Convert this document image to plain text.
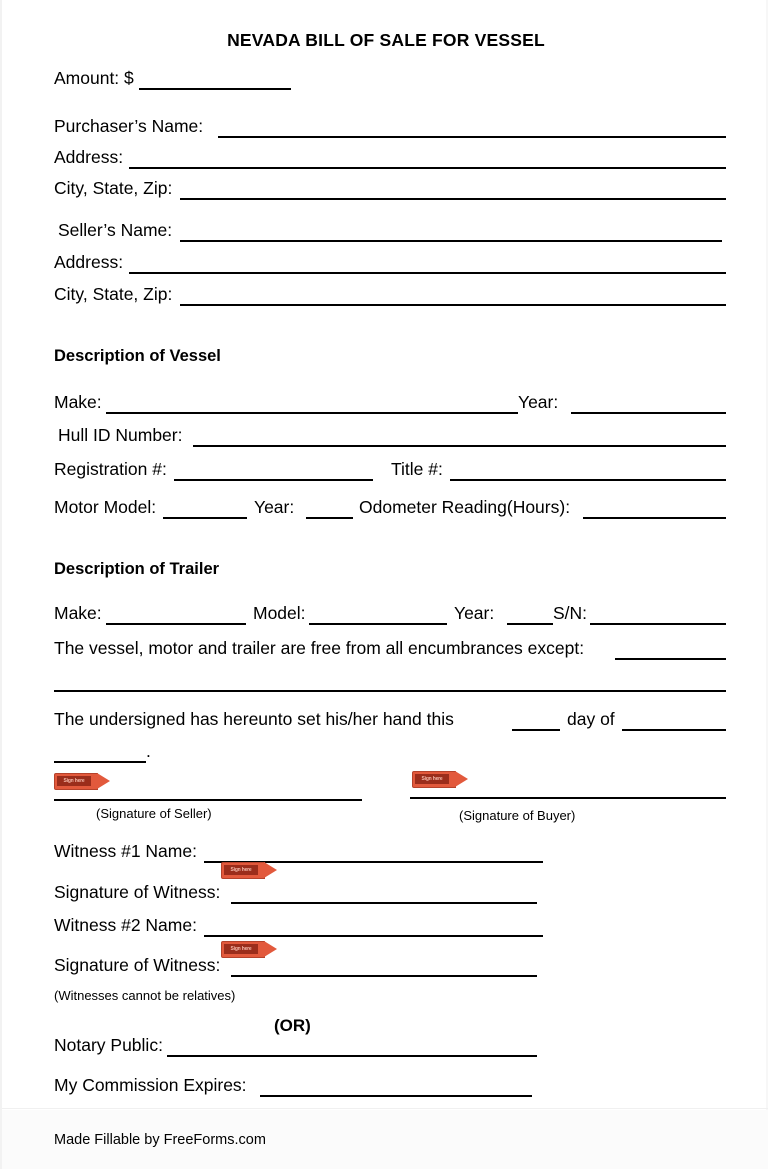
NEVADA BILL OF SALE FOR VESSEL
Amount: $
Purchaser’s Name:
Address:
City, State, Zip:
Seller’s Name:
Address:
City, State, Zip:
Description of Vessel
Make:	Year:
Hull ID Number:
Registration #:	Title #:
Motor Model:	Year:	Odometer Reading(Hours):
Description of Trailer
Make:	Model:	Year:	S/N:
The vessel, motor and trailer are free from all encumbrances except:
The undersigned has hereunto set his/her hand this	day of
.
Sign here
(Signature of Seller)
Sign here
(Signature of Buyer)
Witness #1 Name:
Sign here
Signature of Witness:
Witness #2 Name:
Sign here
Signature of Witness:
(Witnesses cannot be relatives)
(OR)
Notary Public:
My Commission Expires:
Made Fillable by FreeForms.com
